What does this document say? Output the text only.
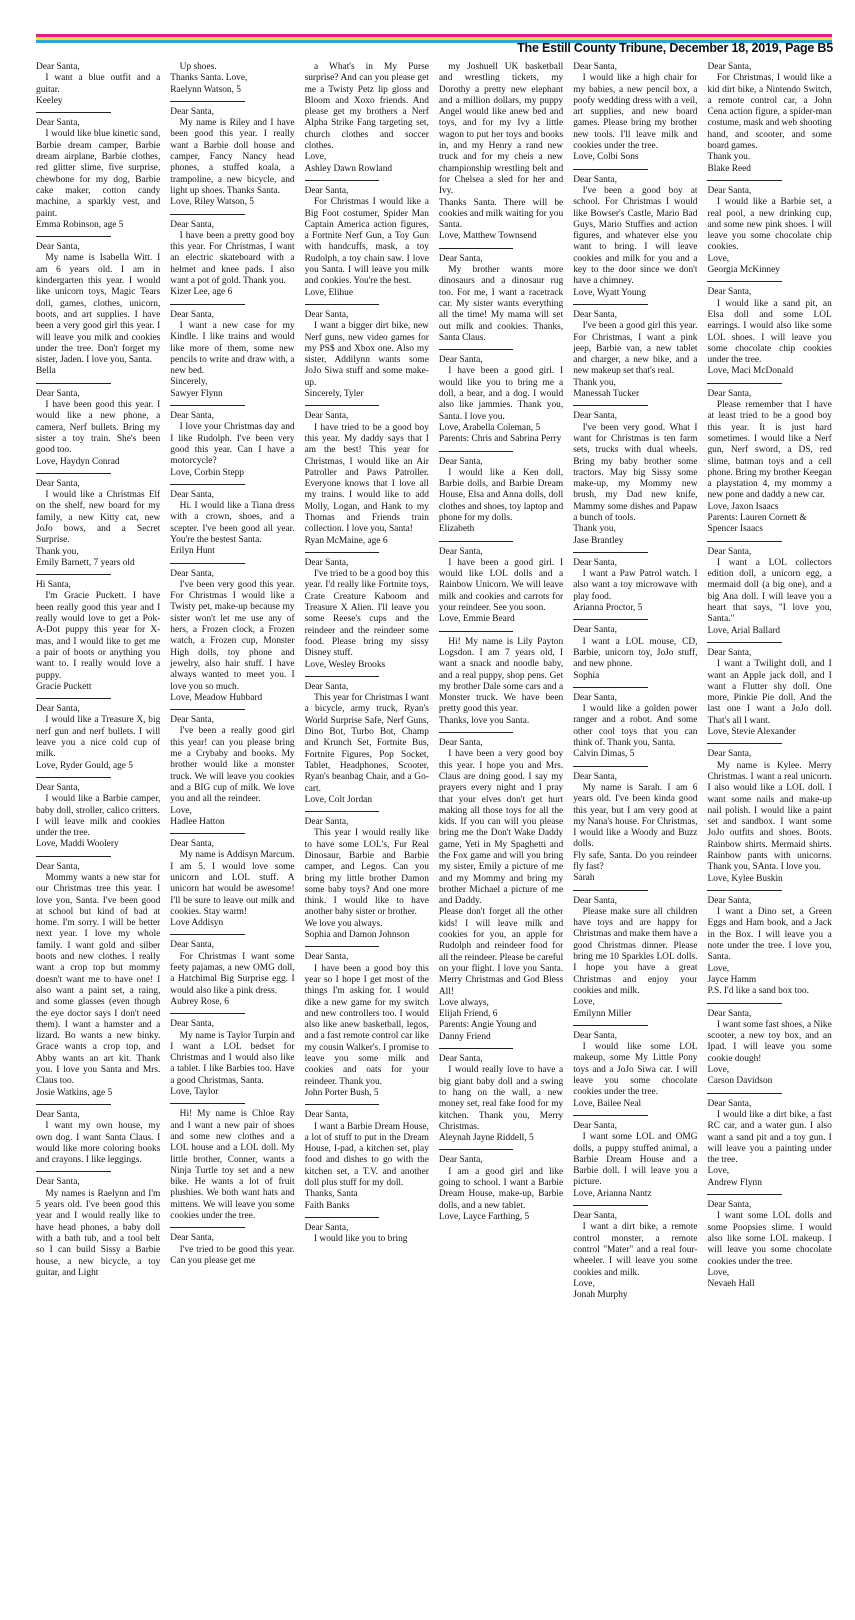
The Estill County Tribune, December 18, 2019, Page B5

Dear Santa,

 I want a blue outfit and a guitar.

Keeley

Dear Santa,

 I would like blue kinetic sand, Barbie dream camper, Barbie dream airplane, Barbie clothes, red glitter slime, five surprise, chewbone for my dog, Barbie cake maker, cotton candy machine, a sparkly vest, and paint.

Emma Robinson, age 5

Dear Santa,

 My name is Isabella Witt. I am 6 years old. I am in kindergarten this year. I would like unicorn toys, Magic Tears doll, games, clothes, unicorn, boots, and art supplies. I have been a very good girl this year. I will leave you milk and cookies under the tree. Don't forget my sister, Jaden. I love you, Santa.

Bella

Dear Santa,

 I have been good this year. I would like a new phone, a camera, Nerf bullets. Bring my sister a toy train. She's been good too.

Love, Haydyn Conrad

Dear Santa,

 I would like a Christmas Elf on the shelf, new board for my family, a new Kitty cat, new JoJo bows, and a Secret Surprise.

Thank you,
Emily Barnett, 7 years old

Hi Santa,

 I'm Gracie Puckett. I have been really good this year and I really would love to get a Pok-A-Dot puppy this year for X-mas, and I would like to get me a pair of boots or anything you want to. I really would love a puppy.

Gracie Puckett

Dear Santa,

 I would like a Treasure X, big nerf gun and nerf bullets. I will leave you a nice cold cup of milk.

Love, Ryder Gould, age 5

Dear Santa,

 I would like a Barbie camper, baby doll, stroller, calico critters.
I will leave milk and cookies under the tree.

Love, Maddi Woolery

Dear Santa,

 Mommy wants a new star for our Christmas tree this year. I love you, Santa. I've been good at school but kind of bad at home. I'm sorry. I will be better next year. I love my whole family. I want gold and silber boots and new clothes. I really want a crop top but mommy doesn't want me to have one! I also want a paint set, a raing, and some glasses (even though the eye doctor says I don't need them). I want a hamster and a lizard. Bo wants a new binky. Grace wants a crop top, and Abby wants an art kit. Thank you. I love you Santa and Mrs. Claus too.

Josie Watkins, age 5

Dear Santa,

 I want my own house, my own dog. I want Santa Claus. I would like more coloring books and crayons. I like leggings.

Dear Santa,

 My names is Raelynn and I'm 5 years old. I've been good this year and I would really like to have head phones, a baby doll with a bath tub, and a tool belt so I can build Sissy a Barbie house, a new bicycle, a toy guitar, and Light

 Up shoes.

Thanks Santa. Love,
Raelynn Watson, 5

Dear Santa,

 My name is Riley and I have been good this year. I really want a Barbie doll house and camper, Fancy Nancy head phones, a stuffed koala, a trampoline, a new bicycle, and light up shoes. Thanks Santa.

Love, Riley Watson, 5

Dear Santa,

 I have been a pretty good boy this year. For Christmas, I want an electric skateboard with a helmet and knee pads. I also want a pot of gold. Thank you.

Kizer Lee, age 6

Dear Santa,

 I want a new case for my Kindle. I like trains and would like more of them, some new pencils to write and draw with, a new bed.

Sincerely,
Sawyer Flynn

Dear Santa,

 I love your Christmas day and I like Rudolph. I've been very good this year. Can I have a motorcycle?

Love, Corbin Stepp

Dear Santa,

 Hi. I would like a Tiana dress with a crown, shoes, and a scepter. I've been good all year. You're the bestest Santa.

Erilyn Hunt

Dear Santa,

 I've been very good this year. For Christmas I would like a Twisty pet, make-up because my sister won't let me use any of hers, a Frozen clock, a Frozen watch, a Frozen cup, Monster High dolls, toy phone and jewelry, also hair stuff. I have always wanted to meet you. I love you so much.

Love, Meadow Hubbard

Dear Santa,

 I've been a really good girl this year! can you please bring me a Crybaby and books. My brother would like a monster truck. We will leave you cookies and a BIG cup of milk. We love you and all the reindeer.

Love,
Hadlee Hatton

Dear Santa,

 My name is Addisyn Marcum. I am 5. I would love some unicorn and LOL stuff. A unicorn hat would be awesome! I'll be sure to leave out milk and cookies. Stay warm!

Love Addisyn

Dear Santa,

 For Christmas I want some feety pajamas, a new OMG doll, a Hatchimal Big Surprise egg. I would also like a pink dress.

Aubrey Rose, 6

Dear Santa,

 My name is Taylor Turpin and I want a LOL bedset for Christmas and I would also like a tablet. I like Barbies too. Have a good Christmas, Santa.

Love, Taylor

 Hi! My name is Chloe Ray and I want a new pair of shoes and some new clothes and a LOL house and a LOL doll. My little brother, Conner, wants a Ninja Turtle toy set and a new bike. He wants a lot of fruit plushies. We both want hats and mittens. We will leave you some cookies under the tree.

Dear Santa,

 I've tried to be good this year. Can you please get me

 a What's in My Purse surprise? And can you please get me a Twisty Petz lip gloss and Bloom and Xoxo friends. And please get my brothers a Nerf Alpha Strike Fang targeting set, church clothes and soccer clothes.

Love,
Ashley Dawn Rowland

Dear Santa,

 For Christmas I would like a Big Foot costumer, Spider Man Captain America action figures, a Fortnite Nerf Gun, a Toy Gun with handcuffs, mask, a toy Rudolph, a toy chain saw. I love you Santa. I will leave you milk and cookies. You're the best.

Love, Elihue

Dear Santa,

 I want a bigger dirt bike, new Nerf guns, new video games for my PS$ and Xbox one. Also my sister, Addilynn wants some JoJo Siwa stuff and some make-up.

Sincerely, Tyler

Dear Santa,

 I have tried to be a good boy this year. My daddy says that I am the best! This year for Christmas, I would like an Air Patroller and Paws Patroller. Everyone knows that I love all my trains. I would like to add Molly, Logan, and Hank to my Thomas and Friends train collection. I love you, Santa!

Ryan McMaine, age 6

Dear Santa,

 I've tried to be a good boy this year. I'd really like Fortnite toys, Crate Creature Kaboom and Treasure X Alien. I'll leave you some Reese's cups and the reindeer and the reindeer some food. Please bring my sissy Disney stuff.

Love, Wesley Brooks

Dear Santa,

 This year for Christmas I want a bicycle, army truck, Ryan's World Surprise Safe, Nerf Guns, Dino Bot, Turbo Bot, Champ and Krunch Set, Fortnite Bus, Fortnite Figures, Pop Socket, Tablet, Headphones, Scooter, Ryan's beanbag Chair, and a Go-cart.

Love, Colt Jordan

Dear Santa,

 This year I would really like to have some LOL's, Fur Real Dinosaur, Barbie and Barbie camper, and Legos. Can you bring my little brother Damon some baby toys? And one more think. I would like to have another baby sister or brother.
We love you always.

Sophia and Damon Johnson

Dear Santa,

 I have been a good boy this year so I hope I get most of the things I'm asking for. I would dike a new game for my switch and new controllers too. I would also like anew basketball, legos, and a fast remote control car like my cousin Walker's. I promise to leave you some milk and cookies and oats for your reindeer. Thank you.

John Porter Bush, 5

Dear Santa,

 I want a Barbie Dream House, a lot of stuff to put in the Dream House, I-pad, a kitchen set, play food and dishes to go with the kitchen set, a T.V. and another doll plus stuff for my doll.

Thanks, Santa
Faith Banks

Dear Santa,

 I would like you to bring

 my Joshuell UK basketball and wrestling tickets, my Dorothy a pretty new elephant and a million dollars, my puppy Angel would like anew bed and toys, and for my Ivy a little wagon to put her toys and books in, and my Henry a rand new truck and for my cheis a new championship wrestling belt and for Chelsea a sled for her and Ivy.
Thanks Santa. There will be cookies and milk waiting for you Santa.

Love, Matthew Townsend

Dear Santa,

 My brother wants more dinosaurs and a dinosaur rug too. For me, I want a racetrack car. My sister wants everything all the time! My mama will set out milk and cookies. Thanks, Santa Claus.

Dear Santa,

 I have been a good girl. I would like you to bring me a doll, a bear, and a dog. I would also like jammies. Thank you, Santa. I love you.

Love, Arabella Coleman, 5
Parents: Chris and Sabrina Perry

Dear Santa,

 I would like a Ken doll, Barbie dolls, and Barbie Dream House, Elsa and Anna dolls, doll clothes and shoes, toy laptop and phone for my dolls.

Elizabeth

Dear Santa,

 I have been a good girl. I would like LOL dolls and a Rainbow Unicorn. We will leave milk and cookies and carrots for your reindeer. See you soon.

Love, Emmie Beard

 Hi! My name is Lily Payton Logsdon. I am 7 years old, I want a snack and noodle baby, and a real puppy, shop pens. Get my brother Dale some cars and a Monster truck. We have been pretty good this year.

Thanks, love you Santa.

Dear Santa,

 I have been a very good boy this year. I hope you and Mrs. Claus are doing good. I say my prayers every night and I pray that your elves don't get hurt making all those toys for all the kids. If you can will you please bring me the Don't Wake Daddy game, Yeti in My Spaghetti and the Fox game and will you bring my sister, Emily a picture of me and my Mommy and bring my brother Michael a picture of me and Daddy.
Please don't forget all the other kids! I will leave milk and cookies for you, an apple for Rudolph and reindeer food for all the reindeer. Please be careful on your flight. I love you Santa. Merry Christmas and God Bless All!

Love always,
Elijah Friend, 6
Parents: Angie Young and Danny Friend

Dear Santa,

 I would really love to have a big giant baby doll and a swing to hang on the wall, a new money set, real fake food for my kitchen. Thank you, Merry Christmas.

Aleynah Jayne Riddell, 5

Dear Santa,

 I am a good girl and like going to school. I want a Barbie Dream House, make-up, Barbie dolls, and a new tablet.

Love, Layce Farthing, 5

Dear Santa,

 I would like a high chair for my babies, a new pencil box, a poofy wedding dress with a veil, art supplies, and new board games. Please bring my brother new tools. I'll leave milk and cookies under the tree.

Love, Colbi Sons

Dear Santa,

 I've been a good boy at school. For Christmas I would like Bowser's Castle, Mario Bad Guys, Mario Stuffies and action figures, and whatever else you want to bring. I will leave cookies and milk for you and a key to the door since we don't have a chimney.

Love, Wyatt Young

Dear Santa,

 I've been a good girl this year. For Christmas, I want a pink jeep, Barbie van, a new tablet and charger, a new bike, and a new makeup set that's real.

Thank you,
Manessah Tucker

Dear Santa,

 I've been very good. What I want for Christmas is ten farm sets, trucks with dual wheels. Bring my baby brother some tractors. May big Sissy some make-up, my Mommy new brush, my Dad new knife, Mammy some dishes and Papaw a bunch of tools.

Thank you,
Jase Brantley

Dear Santa,

 I want a Paw Patrol watch. I also want a toy microwave with play food.

Arianna Proctor, 5

Dear Santa,

 I want a LOL mouse, CD, Barbie, unicorn toy, JoJo stuff, and new phone.

Sophia

Dear Santa,

 I would like a golden power ranger and a robot. And some other cool toys that you can think of. Thank you, Santa.

Calvin Dimas, 5

Dear Santa,

 My name is Sarah. I am 6 years old. I've been kinda good this year, but I am very good at my Nana's house. For Christmas, I would like a Woody and Buzz dolls.
Fly safe, Santa. Do you reindeer fly fast?

Sarah

Dear Santa,

 Please make sure all children have toys and are happy for Christmas and make them have a good Christmas dinner. Please bring me 10 Sparkles LOL dolls. I hope you have a great Christmas and enjoy your cookies and milk.

Love,
Emilynn Miller

Dear Santa,

 I would like some LOL makeup, some My Little Pony toys and a JoJo Siwa car. I will leave you some chocolate cookies under the tree.

Love, Bailee Neal

Dear Santa,

 I want some LOL and OMG dolls, a puppy stuffed animal, a Barbie Dream House and a Barbie doll. I will leave you a picture.

Love, Arianna Nantz

Dear Santa,

 I want a dirt bike, a remote control monster, a remote control "Mater" and a real four-wheeler. I will leave you some cookies and milk.

Love,
Jonah Murphy

Dear Santa,

 For Christmas, I would like a kid dirt bike, a Nintendo Switch, a remote control car, a John Cena action figure, a spider-man costume, mask and web shooting hand, and scooter, and some board games.

Thank you.
Blake Reed

Dear Santa,

 I would like a Barbie set, a real pool, a new drinking cup, and some new pink shoes. I will leave you some chocolate chip cookies.

Love,
Georgia McKinney

Dear Santa,

 I would like a sand pit, an Elsa doll and some LOL earrings. I would also like some LOL shoes. I will leave you some chocolate chip cookies under the tree.

Love, Maci McDonald

Dear Santa,

 Please remember that I have at least tried to be a good boy this year. It is just hard sometimes. I would like a Nerf gun, Nerf sword, a DS, red slime, batman toys and a cell phone. Bring my brother Keegan a playstation 4, my mommy a new pone and daddy a new car.

Love, Jaxon Isaacs
Parents: Lauren Cornett & Spencer Isaacs

Dear Santa,

 I want a LOL collectors edition doll, a unicorn egg, a mermaid doll (a big one), and a big Ana doll. I will leave you a heart that says, "I love you, Santa."

Love, Arial Ballard

Dear Santa,

 I want a Twilight doll, and I want an Apple jack doll, and I want a Flutter shy doll. One more, Pinkie Pie doll. And the last one I want a JoJo doll. That's all I want.

Love, Stevie Alexander

Dear Santa,

 My name is Kylee. Merry Christmas. I want a real unicorn. I also would like a LOL doll. I want some nails and make-up nail polish. I would like a paint set and sandbox. I want some JoJo outfits and shoes. Boots. Rainbow shirts. Mermaid shirts. Rainbow pants with unicorns. Thank you, SAnta. I love you.

Love, Kylee Buskin

Dear Santa,

 I want a Dino set, a Green Eggs and Ham book, and a Jack in the Box. I will leave you a note under the tree. I love you, Santa.

Love,
Jayce Hamm
P.S. I'd like a sand box too.

Dear Santa,

 I want some fast shoes, a Nike scooter, a new toy box, and an Ipad. I will leave you some cookie dough!

Love,
Carson Davidson

Dear Santa,

 I would like a dirt bike, a fast RC car, and a water gun. I also want a sand pit and a toy gun. I will leave you a painting under the tree.

Love,
Andrew Flynn

Dear Santa,

 I want some LOL dolls and some Poopsies slime. I would also like some LOL makeup. I will leave you some chocolate cookies under the tree.

Love,
Nevaeh Hall
